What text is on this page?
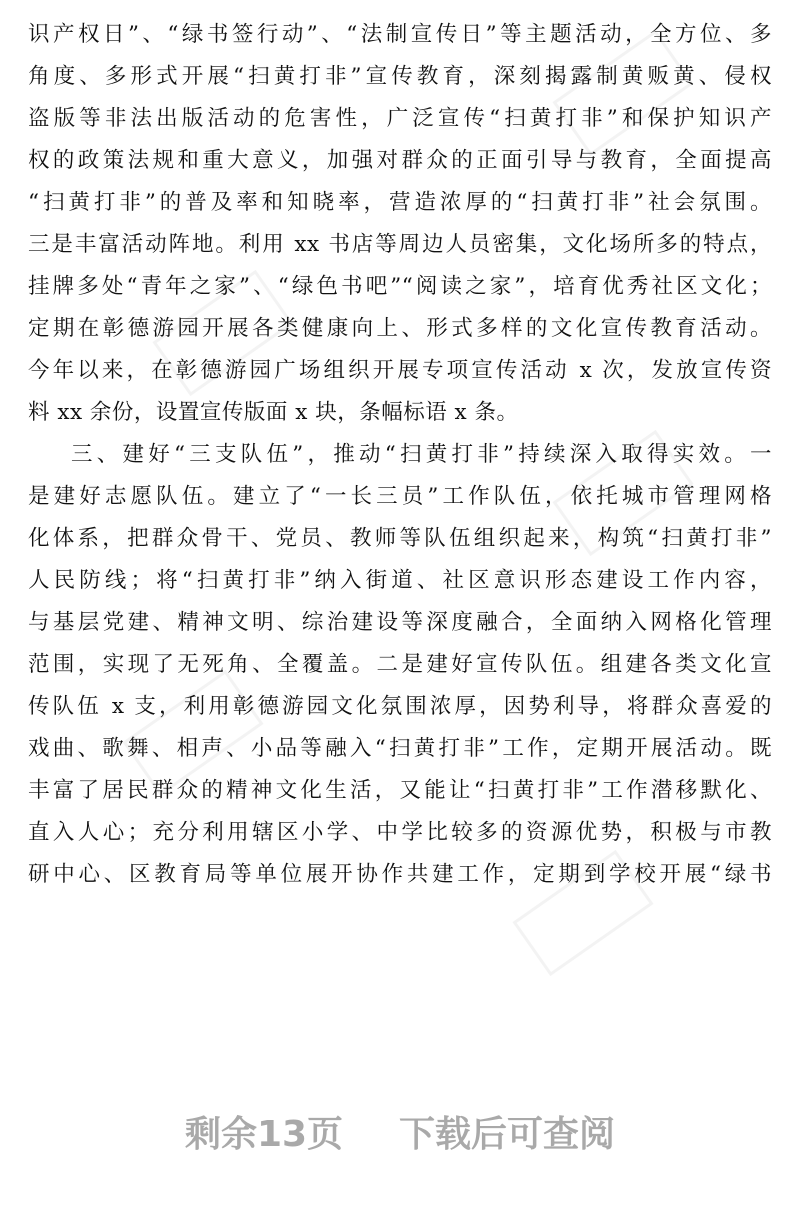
识产权日”、“绿书签行动”、“法制宣传日”等主题活动，全方位、多
角度、多形式开展“扫黄打非”宣传教育，深刻揭露制黄贩黄、侵权
盗版等非法出版活动的危害性，广泛宣传“扫黄打非”和保护知识产
权的政策法规和重大意义，加强对群众的正面引导与教育，全面提高
“扫黄打非”的普及率和知晓率，营造浓厚的“扫黄打非”社会氛围。
三是丰富活动阵地。利用 xx 书店等周边人员密集，文化场所多的特点，
挂牌多处“青年之家”、“绿色书吧”“阅读之家”，培育优秀社区文化；
定期在彰德游园开展各类健康向上、形式多样的文化宣传教育活动。
今年以来，在彰德游园广场组织开展专项宣传活动 x 次，发放宣传资
料 xx 余份，设置宣传版面 x 块，条幅标语 x 条。
三、建好“三支队伍”，推动“扫黄打非”持续深入取得实效。一
是建好志愿队伍。建立了“一长三员”工作队伍，依托城市管理网格
化体系，把群众骨干、党员、教师等队伍组织起来，构筑“扫黄打非”
人民防线；将“扫黄打非”纳入街道、社区意识形态建设工作内容，
与基层党建、精神文明、综治建设等深度融合，全面纳入网格化管理
范围，实现了无死角、全覆盖。二是建好宣传队伍。组建各类文化宣
传队伍 x 支，利用彰德游园文化氛围浓厚，因势利导，将群众喜爱的
戏曲、歌舞、相声、小品等融入“扫黄打非”工作，定期开展活动。既
丰富了居民群众的精神文化生活，又能让“扫黄打非”工作潜移默化、
直入人心；充分利用辖区小学、中学比较多的资源优势，积极与市教
研中心、区教育局等单位展开协作共建工作，定期到学校开展“绿书
剩余13页 下载后可查阅
